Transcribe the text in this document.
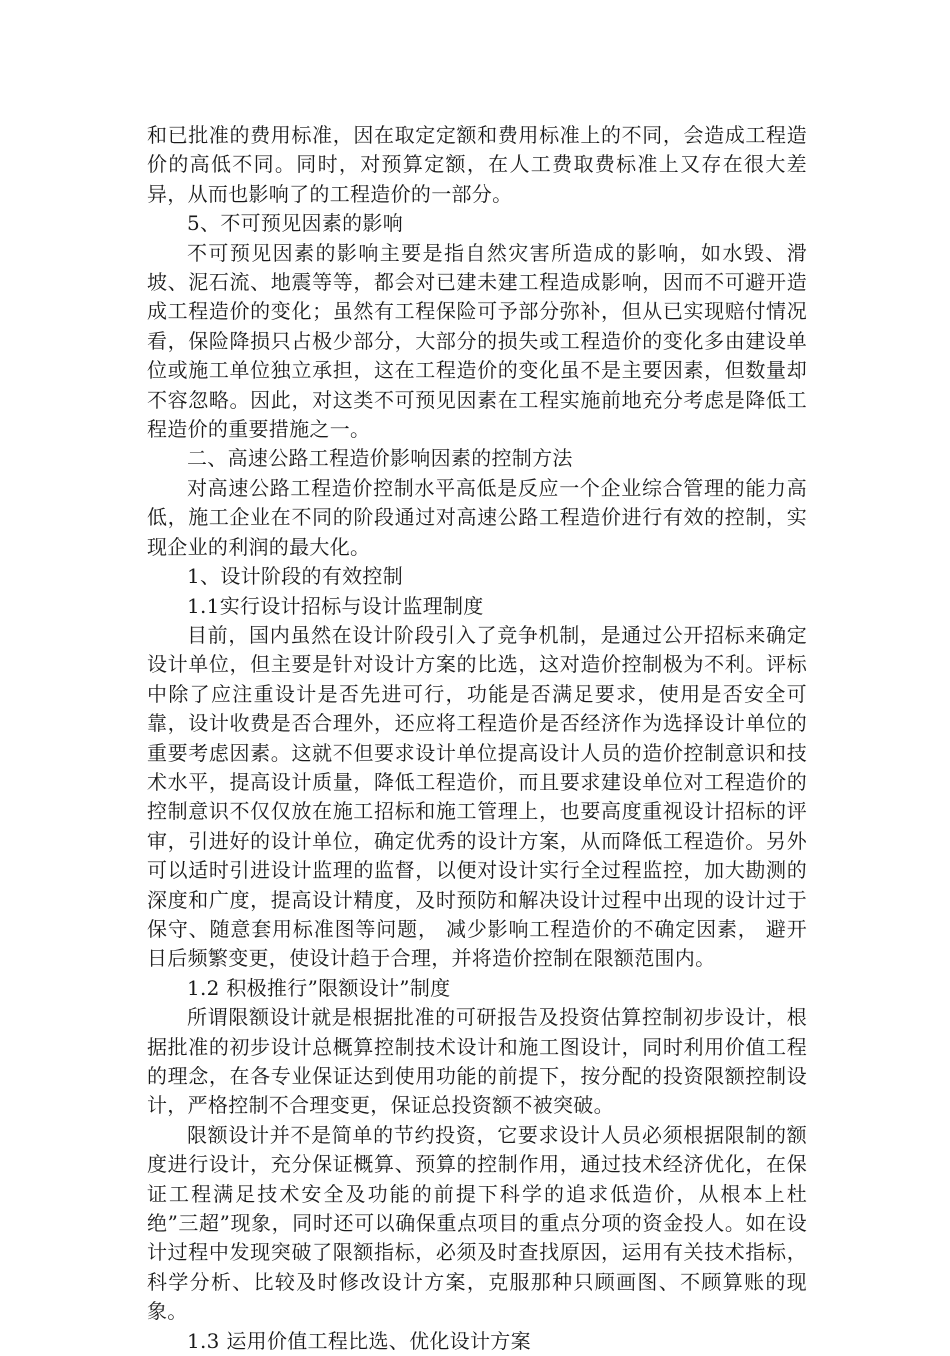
和已批准的费用标准，因在取定定额和费用标准上的不同，会造成工程造价的高低不同。同时，对预算定额，在人工费取费标准上又存在很大差异，从而也影响了的工程造价的一部分。

5、不可预见因素的影响

不可预见因素的影响主要是指自然灾害所造成的影响，如水毁、滑坡、泥石流、地震等等，都会对已建未建工程造成影响，因而不可避开造成工程造价的变化；虽然有工程保险可予部分弥补，但从已实现赔付情况看，保险降损只占极少部分，大部分的损失或工程造价的变化多由建设单位或施工单位独立承担，这在工程造价的变化虽不是主要因素，但数量却不容忽略。因此，对这类不可预见因素在工程实施前地充分考虑是降低工程造价的重要措施之一。

二、高速公路工程造价影响因素的控制方法

对高速公路工程造价控制水平高低是反应一个企业综合管理的能力高低，施工企业在不同的阶段通过对高速公路工程造价进行有效的控制，实现企业的利润的最大化。

1、设计阶段的有效控制

1.1实行设计招标与设计监理制度

目前，国内虽然在设计阶段引入了竞争机制，是通过公开招标来确定设计单位，但主要是针对设计方案的比选，这对造价控制极为不利。评标中除了应注重设计是否先进可行，功能是否满足要求，使用是否安全可靠，设计收费是否合理外，还应将工程造价是否经济作为选择设计单位的重要考虑因素。这就不但要求设计单位提高设计人员的造价控制意识和技术水平，提高设计质量，降低工程造价，而且要求建设单位对工程造价的控制意识不仅仅放在施工招标和施工管理上，也要高度重视设计招标的评审，引进好的设计单位，确定优秀的设计方案，从而降低工程造价。另外可以适时引进设计监理的监督，以便对设计实行全过程监控，加大勘测的深度和广度，提高设计精度，及时预防和解决设计过程中出现的设计过于保守、随意套用标准图等问题， 减少影响工程造价的不确定因素， 避开日后频繁变更，使设计趋于合理，并将造价控制在限额范围内。

1.2 积极推行”限额设计”制度

所谓限额设计就是根据批准的可研报告及投资估算控制初步设计，根据批准的初步设计总概算控制技术设计和施工图设计，同时利用价值工程的理念，在各专业保证达到使用功能的前提下，按分配的投资限额控制设计，严格控制不合理变更，保证总投资额不被突破。

限额设计并不是简单的节约投资，它要求设计人员必须根据限制的额度进行设计，充分保证概算、预算的控制作用，通过技术经济优化，在保证工程满足技术安全及功能的前提下科学的追求低造价，从根本上杜绝”三超”现象，同时还可以确保重点项目的重点分项的资金投人。如在设计过程中发现突破了限额指标，必须及时查找原因，运用有关技术指标，科学分析、比较及时修改设计方案，克服那种只顾画图、不顾算账的现象。

1.3 运用价值工程比选、优化设计方案
